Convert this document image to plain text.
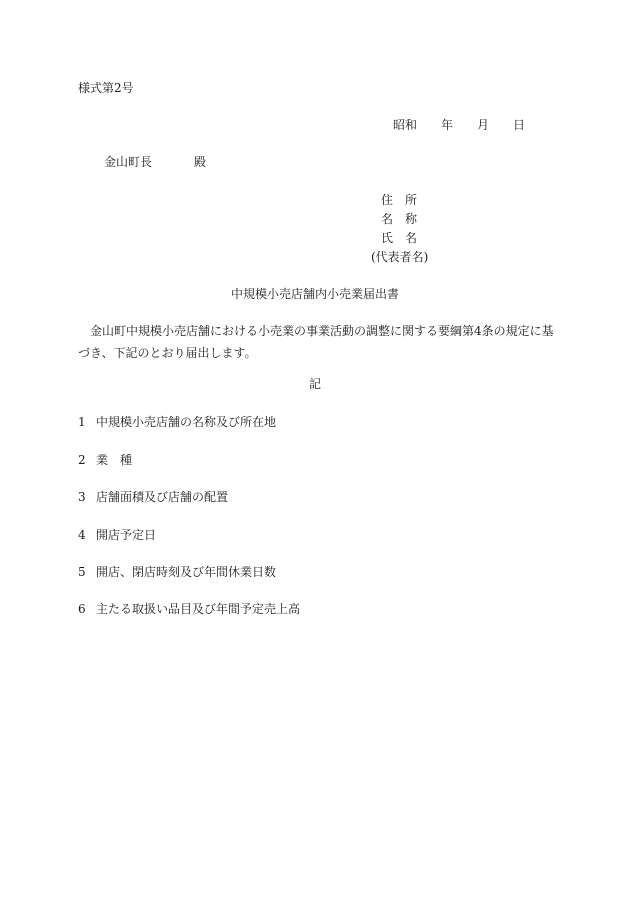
様式第2号
昭和 年 月 日
金山町長	殿
住 所
名 称
氏 名
(代表者名)
中規模小売店舗内小売業届出書
金山町中規模小売店舗における小売業の事業活動の調整に関する要綱第4条の規定に基づき、下記のとおり届出します。
記
1 中規模小売店舗の名称及び所在地
2 業　種
3 店舗面積及び店舗の配置
4 開店予定日
5 開店、閉店時刻及び年間休業日数
6 主たる取扱い品目及び年間予定売上高
